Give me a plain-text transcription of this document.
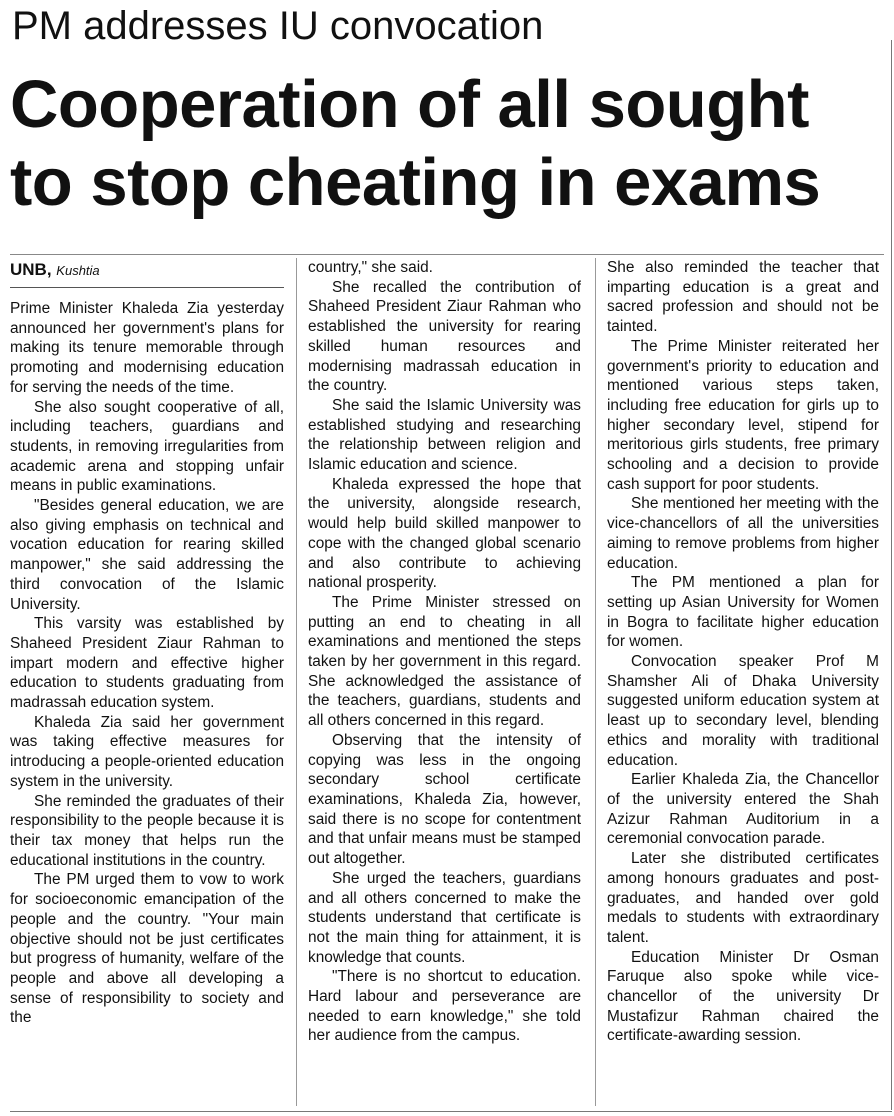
PM addresses IU convocation
Cooperation of all sought
to stop cheating in exams
UNB, Kushtia

Prime Minister Khaleda Zia yesterday announced her government's plans for making its tenure memorable through promoting and modernising education for serving the needs of the time.

She also sought cooperative of all, including teachers, guardians and students, in removing irregularities from academic arena and stopping unfair means in public examinations.

"Besides general education, we are also giving emphasis on technical and vocation education for rearing skilled manpower," she said addressing the third convocation of the Islamic University.

This varsity was established by Shaheed President Ziaur Rahman to impart modern and effective higher education to students graduating from madrassah education system.

Khaleda Zia said her government was taking effective measures for introducing a people-oriented education system in the university.

She reminded the graduates of their responsibility to the people because it is their tax money that helps run the educational institutions in the country.

The PM urged them to vow to work for socioeconomic emancipation of the people and the country. "Your main objective should not be just certificates but progress of humanity, welfare of the people and above all developing a sense of responsibility to society and the

country," she said.

She recalled the contribution of Shaheed President Ziaur Rahman who established the university for rearing skilled human resources and modernising madrassah education in the country.

She said the Islamic University was established studying and researching the relationship between religion and Islamic education and science.

Khaleda expressed the hope that the university, alongside research, would help build skilled manpower to cope with the changed global scenario and also contribute to achieving national prosperity.

The Prime Minister stressed on putting an end to cheating in all examinations and mentioned the steps taken by her government in this regard. She acknowledged the assistance of the teachers, guardians, students and all others concerned in this regard.

Observing that the intensity of copying was less in the ongoing secondary school certificate examinations, Khaleda Zia, however, said there is no scope for contentment and that unfair means must be stamped out altogether.

She urged the teachers, guardians and all others concerned to make the students understand that certificate is not the main thing for attainment, it is knowledge that counts.

"There is no shortcut to education. Hard labour and perseverance are needed to earn knowledge," she told her audience from the campus.

She also reminded the teacher that imparting education is a great and sacred profession and should not be tainted.

The Prime Minister reiterated her government's priority to education and mentioned various steps taken, including free education for girls up to higher secondary level, stipend for meritorious girls students, free primary schooling and a decision to provide cash support for poor students.

She mentioned her meeting with the vice-chancellors of all the universities aiming to remove problems from higher education.

The PM mentioned a plan for setting up Asian University for Women in Bogra to facilitate higher education for women.

Convocation speaker Prof M Shamsher Ali of Dhaka University suggested uniform education system at least up to secondary level, blending ethics and morality with traditional education.

Earlier Khaleda Zia, the Chancellor of the university entered the Shah Azizur Rahman Auditorium in a ceremonial convocation parade.

Later she distributed certificates among honours graduates and post-graduates, and handed over gold medals to students with extraordinary talent.

Education Minister Dr Osman Faruque also spoke while vice-chancellor of the university Dr Mustafizur Rahman chaired the certificate-awarding session.
